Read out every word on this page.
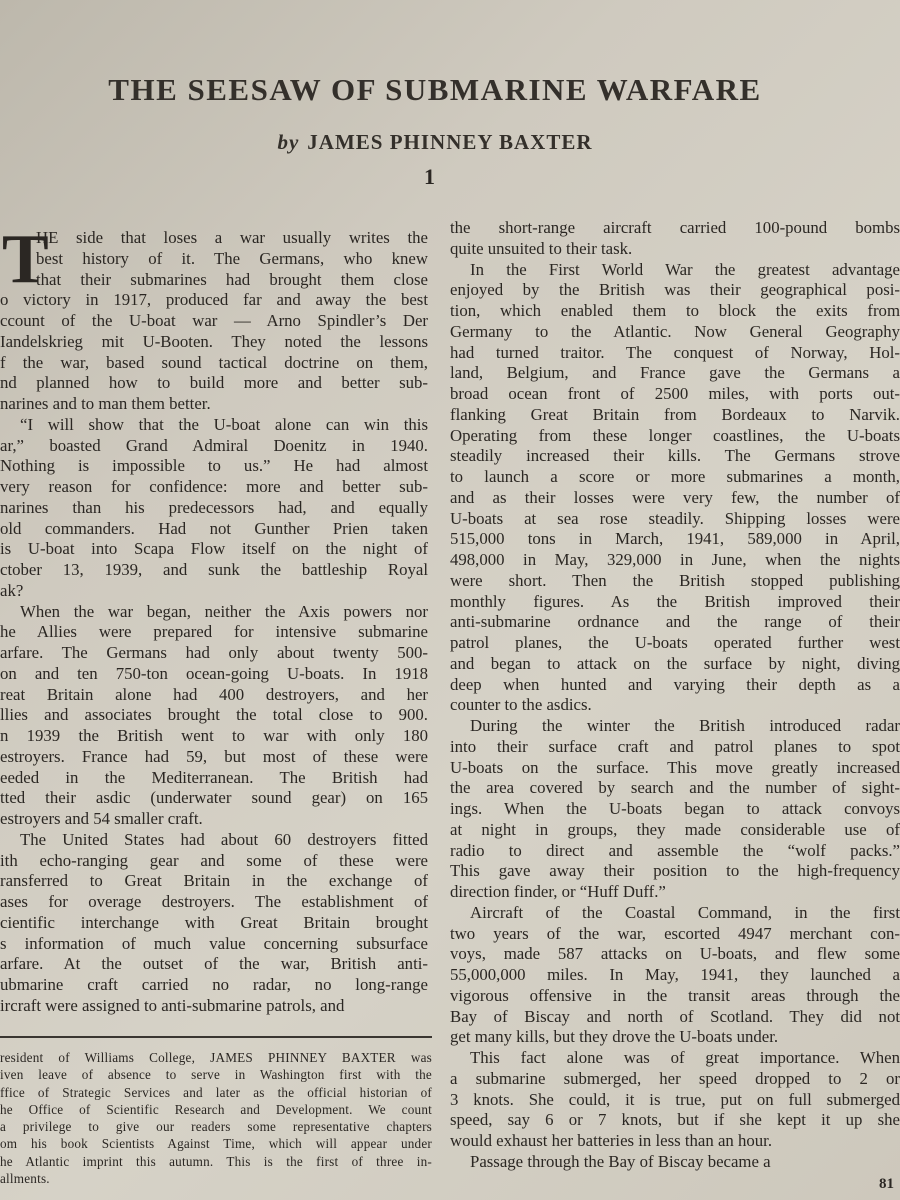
THE SEESAW OF SUBMARINE WARFARE
by JAMES PHINNEY BAXTER
1
T
HE side that loses a war usually writes the
best history of it. The Germans, who knew
that their submarines had brought them close
o victory in 1917, produced far and away the best
ccount of the U-boat war — Arno Spindler’s Der
Iandelskrieg mit U-Booten. They noted the lessons
f the war, based sound tactical doctrine on them,
nd planned how to build more and better sub-
narines and to man them better.
“I will show that the U-boat alone can win this
ar,” boasted Grand Admiral Doenitz in 1940.
Nothing is impossible to us.” He had almost
very reason for confidence: more and better sub-
narines than his predecessors had, and equally
old commanders. Had not Gunther Prien taken
is U-boat into Scapa Flow itself on the night of
ctober 13, 1939, and sunk the battleship Royal
ak?
When the war began, neither the Axis powers nor
he Allies were prepared for intensive submarine
arfare. The Germans had only about twenty 500-
on and ten 750-ton ocean-going U-boats. In 1918
reat Britain alone had 400 destroyers, and her
llies and associates brought the total close to 900.
n 1939 the British went to war with only 180
estroyers. France had 59, but most of these were
eeded in the Mediterranean. The British had
tted their asdic (underwater sound gear) on 165
estroyers and 54 smaller craft.
The United States had about 60 destroyers fitted
ith echo-ranging gear and some of these were
ransferred to Great Britain in the exchange of
ases for overage destroyers. The establishment of
cientific interchange with Great Britain brought
s information of much value concerning subsurface
arfare. At the outset of the war, British anti-
ubmarine craft carried no radar, no long-range
ircraft were assigned to anti-submarine patrols, and
resident of Williams College, JAMES PHINNEY BAXTER was
iven leave of absence to serve in Washington first with the
ffice of Strategic Services and later as the official historian of
he Office of Scientific Research and Development. We count
a privilege to give our readers some representative chapters
om his book Scientists Against Time, which will appear under
he Atlantic imprint this autumn. This is the first of three in-
allments.
the short-range aircraft carried 100-pound bombs
quite unsuited to their task.
In the First World War the greatest advantage
enjoyed by the British was their geographical posi-
tion, which enabled them to block the exits from
Germany to the Atlantic. Now General Geography
had turned traitor. The conquest of Norway, Hol-
land, Belgium, and France gave the Germans a
broad ocean front of 2500 miles, with ports out-
flanking Great Britain from Bordeaux to Narvik.
Operating from these longer coastlines, the U-boats
steadily increased their kills. The Germans strove
to launch a score or more submarines a month,
and as their losses were very few, the number of
U-boats at sea rose steadily. Shipping losses were
515,000 tons in March, 1941, 589,000 in April,
498,000 in May, 329,000 in June, when the nights
were short. Then the British stopped publishing
monthly figures. As the British improved their
anti-submarine ordnance and the range of their
patrol planes, the U-boats operated further west
and began to attack on the surface by night, diving
deep when hunted and varying their depth as a
counter to the asdics.
During the winter the British introduced radar
into their surface craft and patrol planes to spot
U-boats on the surface. This move greatly increased
the area covered by search and the number of sight-
ings. When the U-boats began to attack convoys
at night in groups, they made considerable use of
radio to direct and assemble the “wolf packs.”
This gave away their position to the high-frequency
direction finder, or “Huff Duff.”
Aircraft of the Coastal Command, in the first
two years of the war, escorted 4947 merchant con-
voys, made 587 attacks on U-boats, and flew some
55,000,000 miles. In May, 1941, they launched a
vigorous offensive in the transit areas through the
Bay of Biscay and north of Scotland. They did not
get many kills, but they drove the U-boats under.
This fact alone was of great importance. When
a submarine submerged, her speed dropped to 2 or
3 knots. She could, it is true, put on full submerged
speed, say 6 or 7 knots, but if she kept it up she
would exhaust her batteries in less than an hour.
Passage through the Bay of Biscay became a
81
